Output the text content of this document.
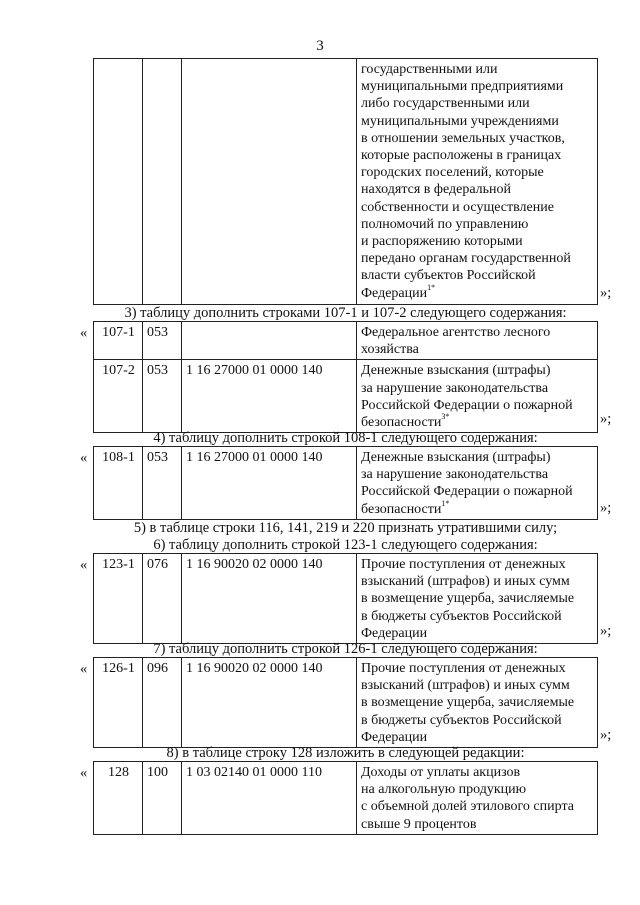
3
			государственными или
муниципальными предприятиями
либо государственными или
муниципальными учреждениями
в отношении земельных участков,
которые расположены в границах
городских поселений, которые
находятся в федеральной
собственности и осуществление
полномочий по управлению
и распоряжению которыми
передано органам государственной
власти субъектов Российской
Федерации$^{1*}$	»;
3) таблицу дополнить строками 107-1 и 107-2 следующего содержания:
« 107-1	053		Федеральное агентство лесного
хозяйства
107-2	053	1 16 27000 01 0000 140	Денежные взыскания (штрафы)
за нарушение законодательства
Российской Федерации о пожарной
безопасности$^{3*}$	»;
4) таблицу дополнить строкой 108-1 следующего содержания:
« 108-1	053	1 16 27000 01 0000 140	Денежные взыскания (штрафы)
за нарушение законодательства
Российской Федерации о пожарной
безопасности$^{1*}$	»;
5) в таблице строки 116, 141, 219 и 220 признать утратившими силу;
6) таблицу дополнить строкой 123-1 следующего содержания:
« 123-1	076	1 16 90020 02 0000 140	Прочие поступления от денежных
взысканий (штрафов) и иных сумм
в возмещение ущерба, зачисляемые
в бюджеты субъектов Российской
Федерации	»;
7) таблицу дополнить строкой 126-1 следующего содержания:
« 126-1	096	1 16 90020 02 0000 140	Прочие поступления от денежных
взысканий (штрафов) и иных сумм
в возмещение ущерба, зачисляемые
в бюджеты субъектов Российской
Федерации	»;
8) в таблице строку 128 изложить в следующей редакции:
« 128	100	1 03 02140 01 0000 110	Доходы от уплаты акцизов
на алкогольную продукцию
с объемной долей этилового спирта
свыше 9 процентов
